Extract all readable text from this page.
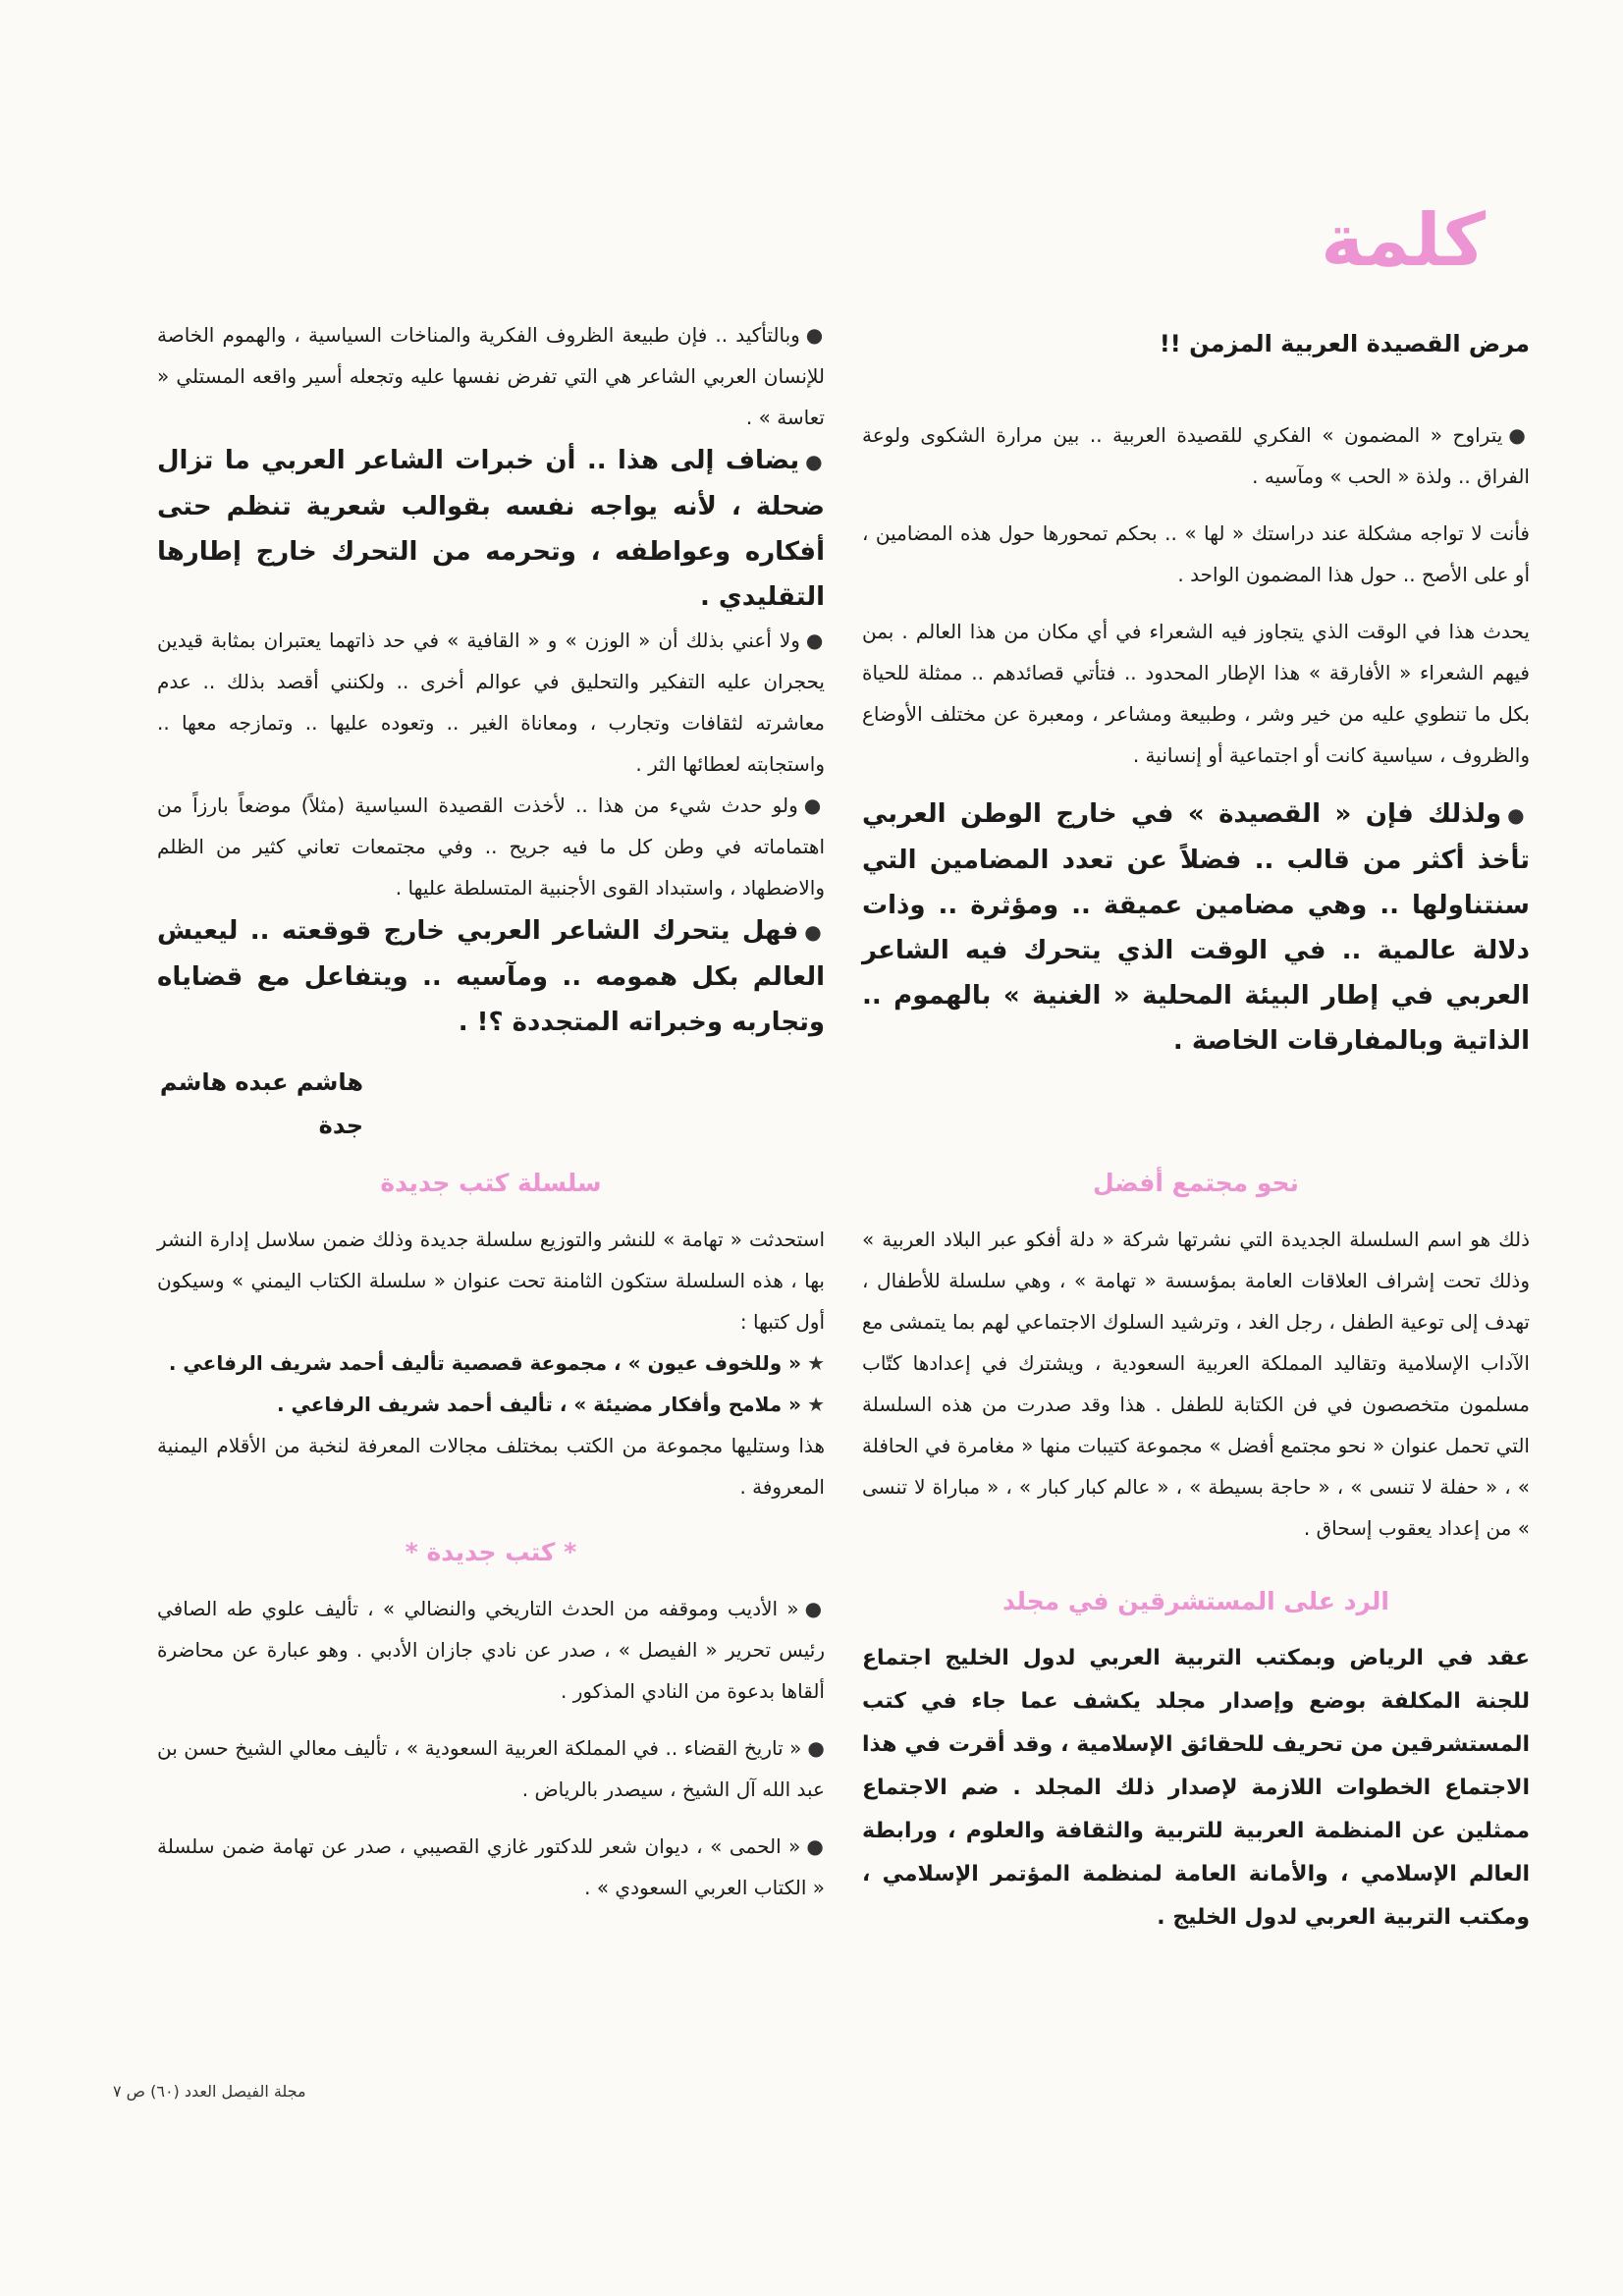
كلمة
مرض القصيدة العربية المزمن !!

● يتراوح « المضمون » الفكري للقصيدة العربية .. بين مرارة الشكوى ولوعة الفراق .. ولذة « الحب » ومآسيه .

فأنت لا تواجه مشكلة عند دراستك « لها » .. بحكم تمحورها حول هذه المضامين ، أو على الأصح .. حول هذا المضمون الواحد .

يحدث هذا في الوقت الذي يتجاوز فيه الشعراء في أي مكان من هذا العالم . بمن فيهم الشعراء « الأفارقة » هذا الإطار المحدود .. فتأتي قصائدهم .. ممثلة للحياة بكل ما تنطوي عليه من خير وشر ، وطبيعة ومشاعر ، ومعبرة عن مختلف الأوضاع والظروف ، سياسية كانت أو اجتماعية أو إنسانية .

● ولذلك فإن « القصيدة » في خارج الوطن العربي تأخذ أكثر من قالب .. فضلاً عن تعدد المضامين التي سنتناولها .. وهي مضامين عميقة .. ومؤثرة .. وذات دلالة عالمية .. في الوقت الذي يتحرك فيه الشاعر العربي في إطار البيئة المحلية « الغنية » بالهموم .. الذاتية وبالمفارقات الخاصة .

● وبالتأكيد .. فإن طبيعة الظروف الفكرية والمناخات السياسية ، والهموم الخاصة للإنسان العربي الشاعر هي التي تفرض نفسها عليه وتجعله أسير واقعه المستلي « تعاسة » .

● يضاف إلى هذا .. أن خبرات الشاعر العربي ما تزال ضحلة ، لأنه يواجه نفسه بقوالب شعرية تنظم حتى أفكاره وعواطفه ، وتحرمه من التحرك خارج إطارها التقليدي .

● ولا أعني بذلك أن « الوزن » و « القافية » في حد ذاتهما يعتبران بمثابة قيدين يحجران عليه التفكير والتحليق في عوالم أخرى .. ولكنني أقصد بذلك .. عدم معاشرته لثقافات وتجارب ، ومعاناة الغير .. وتعوده عليها .. وتمازجه معها .. واستجابته لعطائها الثر .

● ولو حدث شيء من هذا .. لأخذت القصيدة السياسية (مثلاً) موضعاً بارزاً من اهتماماته في وطن كل ما فيه جريح .. وفي مجتمعات تعاني كثير من الظلم والاضطهاد ، واستبداد القوى الأجنبية المتسلطة عليها .

● فهل يتحرك الشاعر العربي خارج قوقعته .. ليعيش العالم بكل همومه .. ومآسيه .. ويتفاعل مع قضاياه وتجاربه وخبراته المتجددة ؟! .

هاشم عبده هاشم

جدة

نحو مجتمع أفضل

ذلك هو اسم السلسلة الجديدة التي نشرتها شركة « دلة أفكو عبر البلاد العربية » وذلك تحت إشراف العلاقات العامة بمؤسسة « تهامة » ، وهي سلسلة للأطفال ، تهدف إلى توعية الطفل ، رجل الغد ، وترشيد السلوك الاجتماعي لهم بما يتمشى مع الآداب الإسلامية وتقاليد المملكة العربية السعودية ، ويشترك في إعدادها كتّاب مسلمون متخصصون في فن الكتابة للطفل . هذا وقد صدرت من هذه السلسلة التي تحمل عنوان « نحو مجتمع أفضل » مجموعة كتيبات منها « مغامرة في الحافلة » ، « حفلة لا تنسى » ، « حاجة بسيطة » ، « عالم كبار كبار » ، « مباراة لا تنسى » من إعداد يعقوب إسحاق .

الرد على المستشرقين في مجلد

عقد في الرياض وبمكتب التربية العربي لدول الخليج اجتماع للجنة المكلفة بوضع وإصدار مجلد يكشف عما جاء في كتب المستشرقين من تحريف للحقائق الإسلامية ، وقد أقرت في هذا الاجتماع الخطوات اللازمة لإصدار ذلك المجلد . ضم الاجتماع ممثلين عن المنظمة العربية للتربية والثقافة والعلوم ، ورابطة العالم الإسلامي ، والأمانة العامة لمنظمة المؤتمر الإسلامي ، ومكتب التربية العربي لدول الخليج .

سلسلة كتب جديدة

استحدثت « تهامة » للنشر والتوزيع سلسلة جديدة وذلك ضمن سلاسل إدارة النشر بها ، هذه السلسلة ستكون الثامنة تحت عنوان « سلسلة الكتاب اليمني » وسيكون أول كتبها :

★ « وللخوف عيون » ، مجموعة قصصية تأليف أحمد شريف الرفاعي .

★ « ملامح وأفكار مضيئة » ، تأليف أحمد شريف الرفاعي .

هذا وستليها مجموعة من الكتب بمختلف مجالات المعرفة لنخبة من الأقلام اليمنية المعروفة .

* كتب جديدة *

● « الأديب وموقفه من الحدث التاريخي والنضالي » ، تأليف علوي طه الصافي رئيس تحرير « الفيصل » ، صدر عن نادي جازان الأدبي . وهو عبارة عن محاضرة ألقاها بدعوة من النادي المذكور .

● « تاريخ القضاء .. في المملكة العربية السعودية » ، تأليف معالي الشيخ حسن بن عبد الله آل الشيخ ، سيصدر بالرياض .

● « الحمى » ، ديوان شعر للدكتور غازي القصيبي ، صدر عن تهامة ضمن سلسلة « الكتاب العربي السعودي » .

مجلة الفيصل العدد (٦٠) ص ٧
